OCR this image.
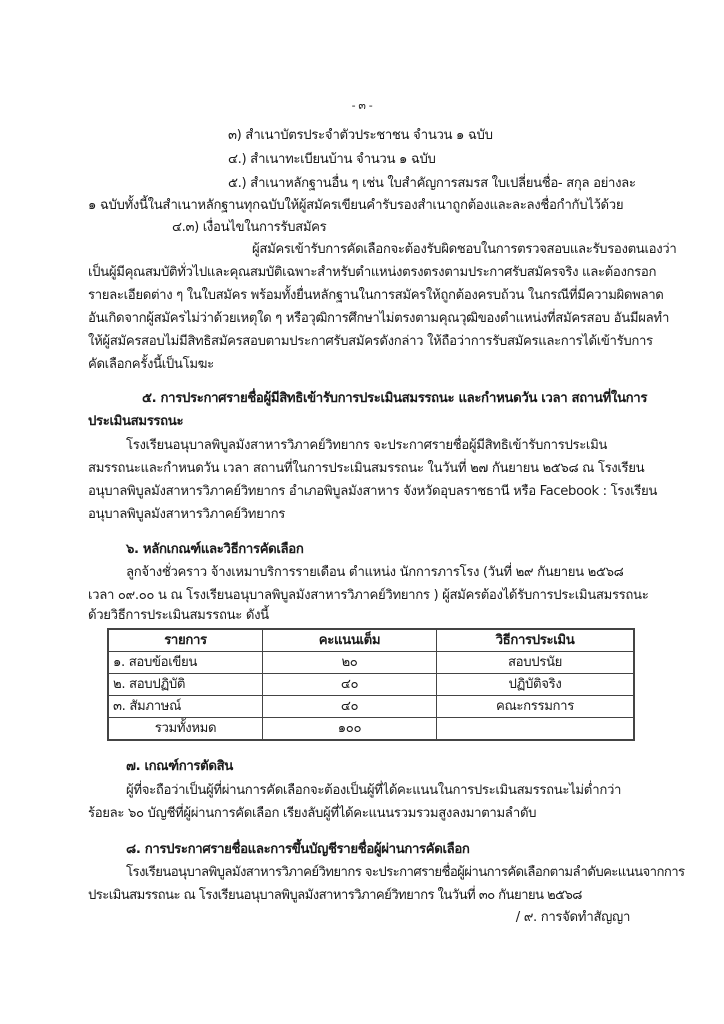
- ๓ -
๓) สำเนาบัตรประจำตัวประชาชน จำนวน ๑ ฉบับ
๔.) สำเนาทะเบียนบ้าน จำนวน ๑ ฉบับ
๕.) สำเนาหลักฐานอื่น ๆ เช่น ใบสำคัญการสมรส ใบเปลี่ยนชื่อ- สกุล อย่างละ
๑ ฉบับทั้งนี้ในสำเนาหลักฐานทุกฉบับให้ผู้สมัครเขียนคำรับรองสำเนาถูกต้องและละลงชื่อกำกับไว้ด้วย
๔.๓) เงื่อนไขในการรับสมัคร
ผู้สมัครเข้ารับการคัดเลือกจะต้องรับผิดชอบในการตรวจสอบและรับรองตนเองว่า
เป็นผู้มีคุณสมบัติทั่วไปและคุณสมบัติเฉพาะสำหรับตำแหน่งตรงตรงตามประกาศรับสมัครจริง และต้องกรอก
รายละเอียดต่าง ๆ ในใบสมัคร พร้อมทั้งยื่นหลักฐานในการสมัครให้ถูกต้องครบถ้วน ในกรณีที่มีความผิดพลาด
อันเกิดจากผู้สมัครไม่ว่าด้วยเหตุใด ๆ หรือวุฒิการศึกษาไม่ตรงตามคุณวุฒิของตำแหน่งที่สมัครสอบ อันมีผลทำ
ให้ผู้สมัครสอบไม่มีสิทธิสมัครสอบตามประกาศรับสมัครดังกล่าว ให้ถือว่าการรับสมัครและการได้เข้ารับการ
คัดเลือกครั้งนี้เป็นโมฆะ
๕. การประกาศรายชื่อผู้มีสิทธิเข้ารับการประเมินสมรรถนะ และกำหนดวัน เวลา สถานที่ในการ
ประเมินสมรรถนะ
โรงเรียนอนุบาลพิบูลมังสาหารวิภาคย์วิทยากร จะประกาศรายชื่อผู้มีสิทธิเข้ารับการประเมิน
สมรรถนะและกำหนดวัน เวลา สถานที่ในการประเมินสมรรถนะ ในวันที่ ๒๗ กันยายน ๒๕๖๘ ณ โรงเรียน
อนุบาลพิบูลมังสาหารวิภาคย์วิทยากร อำเภอพิบูลมังสาหาร จังหวัดอุบลราชธานี หรือ Facebook : โรงเรียน
อนุบาลพิบูลมังสาหารวิภาคย์วิทยากร
๖. หลักเกณฑ์และวิธีการคัดเลือก
ลูกจ้างชั่วคราว จ้างเหมาบริการรายเดือน ตำแหน่ง นักการภารโรง (วันที่ ๒๙ กันยายน ๒๕๖๘
เวลา ๐๙.๐๐ น ณ โรงเรียนอนุบาลพิบูลมังสาหารวิภาคย์วิทยากร ) ผู้สมัครต้องได้รับการประเมินสมรรถนะ
ด้วยวิธีการประเมินสมรรถนะ ดังนี้
รายการ	คะแนนเต็ม	วิธีการประเมิน
๑. สอบข้อเขียน	๒๐	สอบปรนัย
๒. สอบปฏิบัติ	๔๐	ปฏิบัติจริง
๓. สัมภาษณ์	๔๐	คณะกรรมการ
รวมทั้งหมด	๑๐๐	
๗. เกณฑ์การตัดสิน
ผู้ที่จะถือว่าเป็นผู้ที่ผ่านการคัดเลือกจะต้องเป็นผู้ที่ได้คะแนนในการประเมินสมรรถนะไม่ต่ำกว่า
ร้อยละ ๖๐ บัญชีที่ผู้ผ่านการคัดเลือก เรียงลับผู้ที่ได้คะแนนรวมรวมสูงลงมาตามลำดับ
๘. การประกาศรายชื่อและการขึ้นบัญชีรายชื่อผู้ผ่านการคัดเลือก
โรงเรียนอนุบาลพิบูลมังสาหารวิภาคย์วิทยากร จะประกาศรายชื่อผู้ผ่านการคัดเลือกตามลำดับคะแนนจากการ
ประเมินสมรรถนะ ณ โรงเรียนอนุบาลพิบูลมังสาหารวิภาคย์วิทยากร ในวันที่ ๓๐ กันยายน ๒๕๖๘
/ ๙. การจัดทำสัญญา
